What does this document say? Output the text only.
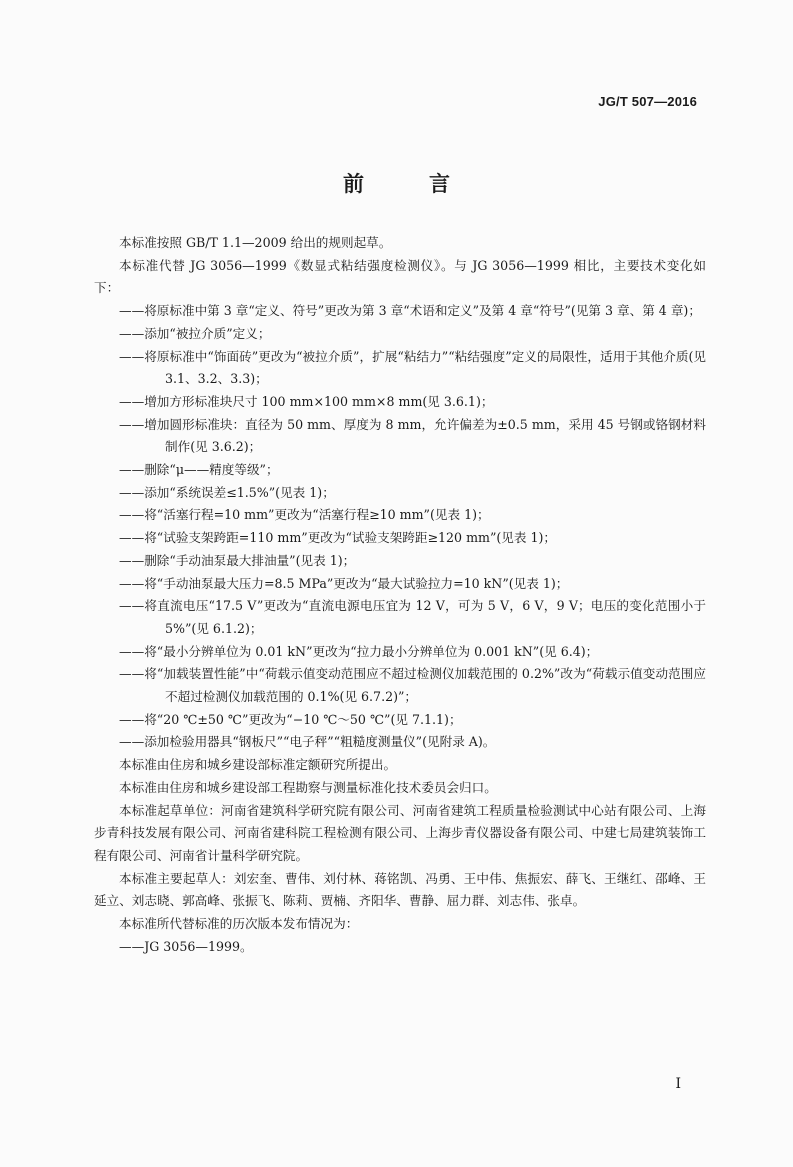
JG/T 507—2016
前　言

本标准按照 GB/T 1.1—2009 给出的规则起草。

本标准代替 JG 3056—1999《数显式粘结强度检测仪》。与 JG 3056—1999 相比，主要技术变化如下：

——将原标准中第 3 章“定义、符号”更改为第 3 章“术语和定义”及第 4 章“符号”(见第 3 章、第 4 章)；

——添加“被拉介质”定义；

——将原标准中“饰面砖”更改为“被拉介质”，扩展“粘结力”“粘结强度”定义的局限性，适用于其他介质(见 3.1、3.2、3.3)；

——增加方形标准块尺寸 100 mm×100 mm×8 mm(见 3.6.1)；

——增加圆形标准块：直径为 50 mm、厚度为 8 mm，允许偏差为±0.5 mm，采用 45 号钢或铬钢材料制作(见 3.6.2)；

——删除“μ——精度等级”；

——添加“系统误差≤1.5%”(见表 1)；

——将“活塞行程=10 mm”更改为“活塞行程≥10 mm”(见表 1)；

——将“试验支架跨距=110 mm”更改为“试验支架跨距≥120 mm”(见表 1)；

——删除“手动油泵最大排油量”(见表 1)；

——将“手动油泵最大压力=8.5 MPa”更改为“最大试验拉力=10 kN”(见表 1)；

——将直流电压“17.5 V”更改为“直流电源电压宜为 12 V，可为 5 V，6 V，9 V；电压的变化范围小于 5%”(见 6.1.2)；

——将“最小分辨单位为 0.01 kN”更改为“拉力最小分辨单位为 0.001 kN”(见 6.4)；

——将“加载装置性能”中“荷载示值变动范围应不超过检测仪加载范围的 0.2%”改为“荷载示值变动范围应不超过检测仪加载范围的 0.1%(见 6.7.2)”；

——将“20 ℃±50 ℃”更改为“−10 ℃～50 ℃”(见 7.1.1)；

——添加检验用器具“钢板尺”“电子秤”“粗糙度测量仪”(见附录 A)。

本标准由住房和城乡建设部标准定额研究所提出。

本标准由住房和城乡建设部工程勘察与测量标准化技术委员会归口。

本标准起草单位：河南省建筑科学研究院有限公司、河南省建筑工程质量检验测试中心站有限公司、上海步青科技发展有限公司、河南省建科院工程检测有限公司、上海步青仪器设备有限公司、中建七局建筑装饰工程有限公司、河南省计量科学研究院。

本标准主要起草人：刘宏奎、曹伟、刘付林、蒋铭凯、冯勇、王中伟、焦振宏、薛飞、王继红、邵峰、王延立、刘志晓、郭高峰、张振飞、陈莉、贾楠、齐阳华、曹静、屈力群、刘志伟、张卓。

本标准所代替标准的历次版本发布情况为：

——JG 3056—1999。

I
